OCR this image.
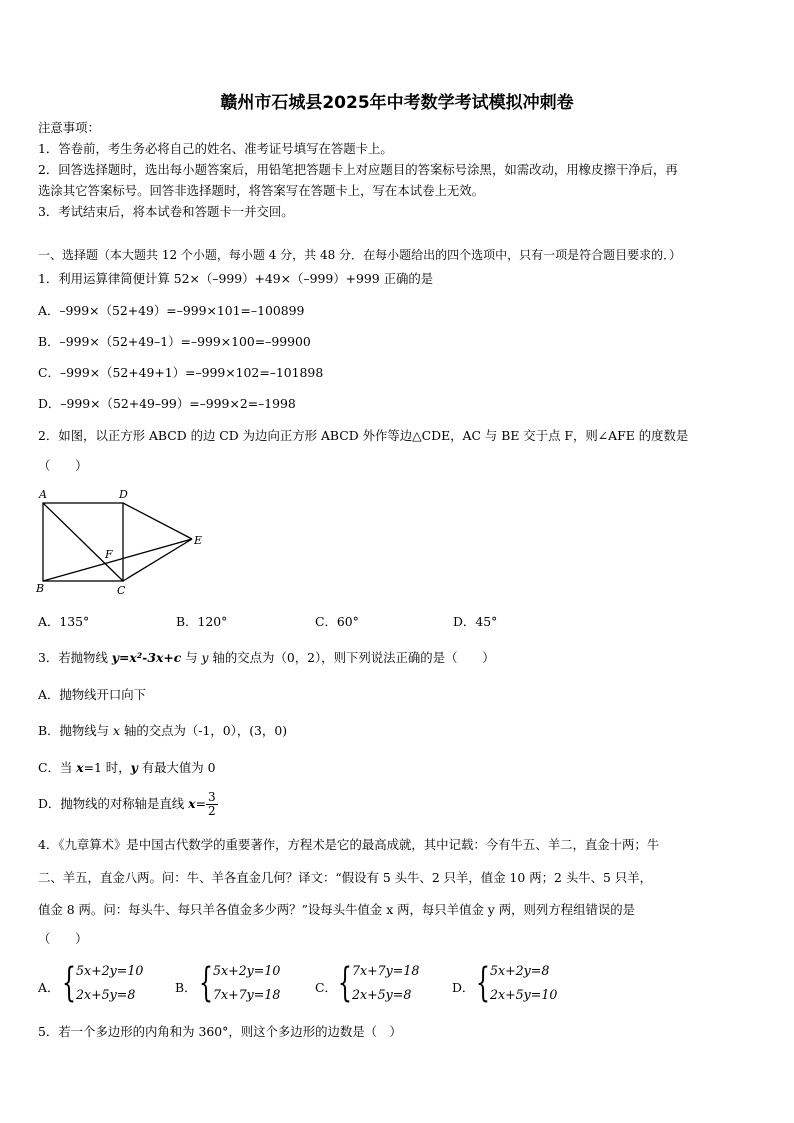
赣州市石城县2025年中考数学考试模拟冲刺卷
注意事项：
1．答卷前，考生务必将自己的姓名、准考证号填写在答题卡上。
2．回答选择题时，选出每小题答案后，用铅笔把答题卡上对应题目的答案标号涂黑，如需改动，用橡皮擦干净后，再
选涂其它答案标号。回答非选择题时，将答案写在答题卡上，写在本试卷上无效。
3．考试结束后，将本试卷和答题卡一并交回。
一、选择题（本大题共 12 个小题，每小题 4 分，共 48 分．在每小题给出的四个选项中，只有一项是符合题目要求的．）
1．利用运算律简便计算 52×（–999）+49×（–999）+999 正确的是
A．–999×（52+49）=–999×101=–100899
B．–999×（52+49–1）=–999×100=–99900
C．–999×（52+49+1）=–999×102=–101898
D．–999×（52+49–99）=–999×2=–1998
2．如图，以正方形 ABCD 的边 CD 为边向正方形 ABCD 外作等边△CDE，AC 与 BE 交于点 F，则∠AFE 的度数是
（　　）
A	D
E
F
B	C
A．135°	B．120°	C．60°	D．45°
3．若抛物线 y=x²-3x+c 与 y 轴的交点为（0，2），则下列说法正确的是（　　）
A．抛物线开口向下
B．抛物线与 x 轴的交点为（-1，0），(3，0)
C．当 x=1 时，y 有最大值为 0
D．抛物线的对称轴是直线 $x= \frac{3}{2}$
4．《九章算术》是中国古代数学的重要著作，方程术是它的最高成就，其中记载：今有牛五、羊二，直金十两；牛
二、羊五，直金八两。问：牛、羊各直金几何？译文：“假设有 5 头牛、2 只羊，值金 10 两；2 头牛、5 只羊，
值金 8 两。问：每头牛、每只羊各值金多少两？”设每头牛值金 x 两，每只羊值金 y 两，则列方程组错误的是
（　　）
A． { 5x+2y=10
2x+5y=8	B． { 5x+2y=10
7x+7y=18	C． { 7x+7y=18
2x+5y=8	D． { 5x+2y=8
2x+5y=10
5．若一个多边形的内角和为 360°，则这个多边形的边数是（　）
